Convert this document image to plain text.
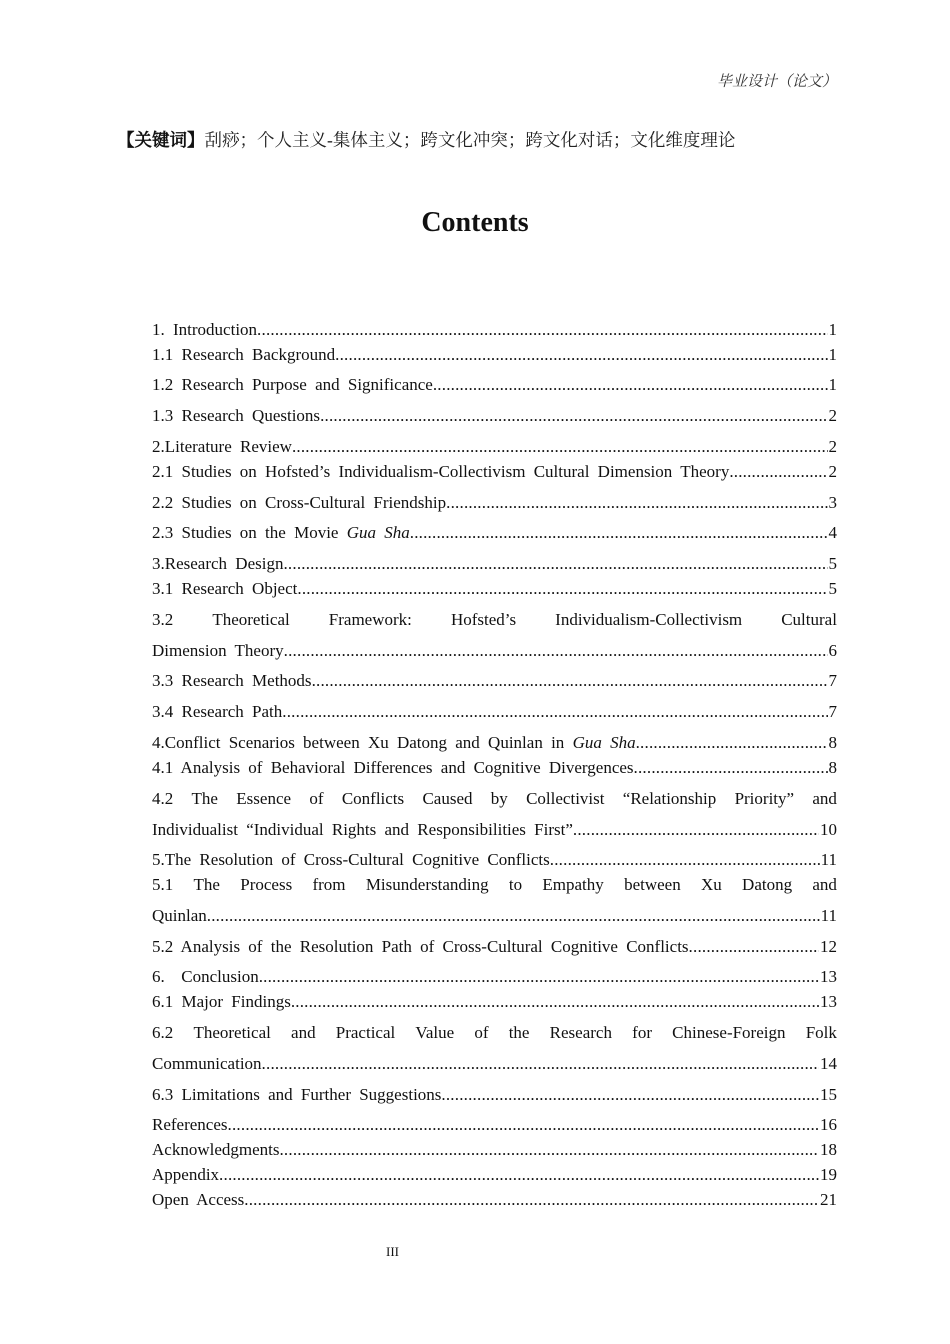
毕业设计（论文）
【关键词】刮痧；个人主义-集体主义；跨文化冲突；跨文化对话；文化维度理论
Contents
1. Introduction .....	1
1.1 Research Background .....	1
1.2 Research Purpose and Significance .....	1
1.3 Research Questions .....	2
2.Literature Review .....	2
2.1 Studies on Hofsted’s Individualism-Collectivism Cultural Dimension Theory .....	2
2.2 Studies on Cross-Cultural Friendship .....	3
2.3 Studies on the Movie Gua Sha .....	4
3.Research Design .....	5
3.1 Research Object .....	5
3.2 Theoretical Framework: Hofsted’s Individualism-Collectivism Cultural
Dimension Theory .....	6
3.3 Research Methods .....	7
3.4 Research Path .....	7
4.Conflict Scenarios between Xu Datong and Quinlan in Gua Sha .....	8
4.1 Analysis of Behavioral Differences and Cognitive Divergences .....	8
4.2 The Essence of Conflicts Caused by Collectivist “Relationship Priority” and
Individualist “Individual Rights and Responsibilities First” .....	10
5.The Resolution of Cross-Cultural Cognitive Conflicts .....	11
5.1 The Process from Misunderstanding to Empathy between Xu Datong and
Quinlan .....	11
5.2 Analysis of the Resolution Path of Cross-Cultural Cognitive Conflicts .....	12
6.  Conclusion .....	13
6.1 Major Findings .....	13
6.2 Theoretical and Practical Value of the Research for Chinese-Foreign Folk
Communication .....	14
6.3 Limitations and Further Suggestions .....	15
References .....	16
Acknowledgments .....	18
Appendix .....	19
Open Access .....	21
III
